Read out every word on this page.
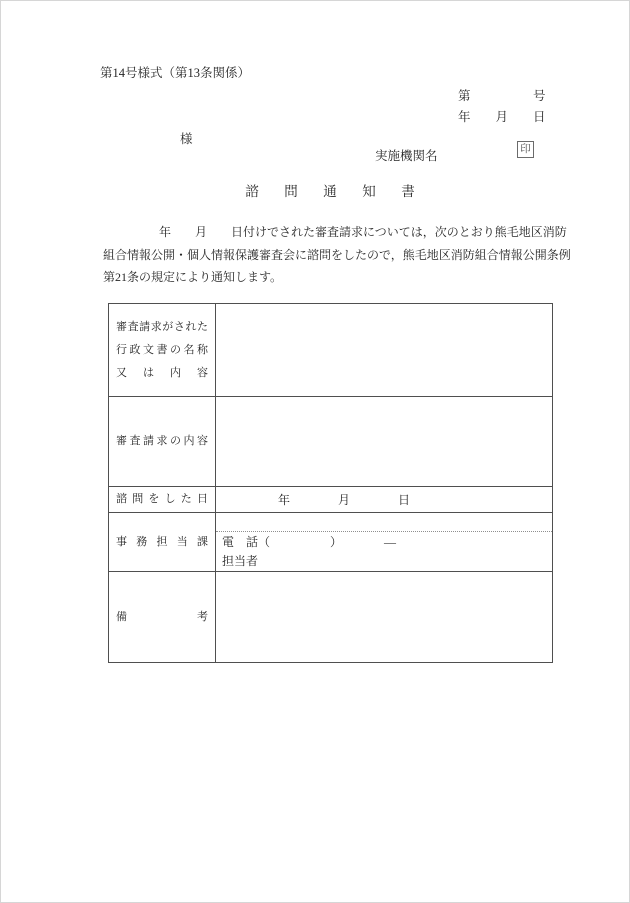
第14号様式（第13条関係）
第　　　　　号
年　　月　　日
様
実施機関名	印
諮　問　通　知　書
年　　月　　日付けでされた審査請求については，次のとおり熊毛地区消防
組合情報公開・個人情報保護審査会に諮問をしたので，熊毛地区消防組合情報公開条例
第21条の規定により通知します。
審査請求がされた
行政文書の名称
又は内容	

審査請求の内容	

諮問をした日	年　　　　月　　　　日

事務担当課	電　話（　　　　　）　　　　―
担当者

備考	
